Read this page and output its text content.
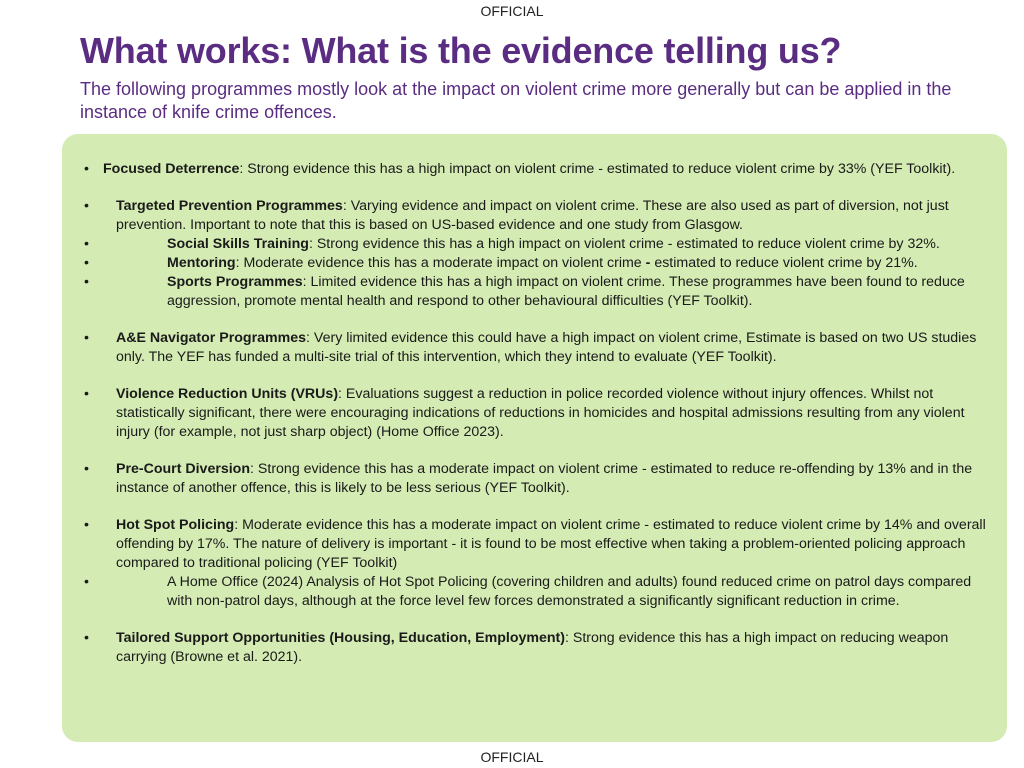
OFFICIAL
What works: What is the evidence telling us?

The following programmes mostly look at the impact on violent crime more generally but can be applied in the instance of knife crime offences.

• Focused Deterrence: Strong evidence this has a high impact on violent crime - estimated to reduce violent crime by 33% (YEF Toolkit).
• Targeted Prevention Programmes: Varying evidence and impact on violent crime. These are also used as part of diversion, not just prevention. Important to note that this is based on US-based evidence and one study from Glasgow.

•	Social Skills Training: Strong evidence this has a high impact on violent crime - estimated to reduce violent crime by 32%.

•	Mentoring: Moderate evidence this has a moderate impact on violent crime - estimated to reduce violent crime by 21%.

•	Sports Programmes: Limited evidence this has a high impact on violent crime. These programmes have been found to reduce aggression, promote mental health and respond to other behavioural difficulties (YEF Toolkit).

• A&E Navigator Programmes: Very limited evidence this could have a high impact on violent crime, Estimate is based on two US studies only. The YEF has funded a multi-site trial of this intervention, which they intend to evaluate (YEF Toolkit).
• Violence Reduction Units (VRUs): Evaluations suggest a reduction in police recorded violence without injury offences. Whilst not statistically significant, there were encouraging indications of reductions in homicides and hospital admissions resulting from any violent injury (for example, not just sharp object) (Home Office 2023).
• Pre-Court Diversion: Strong evidence this has a moderate impact on violent crime - estimated to reduce re-offending by 13% and in the instance of another offence, this is likely to be less serious (YEF Toolkit).
• Hot Spot Policing: Moderate evidence this has a moderate impact on violent crime - estimated to reduce violent crime by 14% and overall offending by 17%. The nature of delivery is important - it is found to be most effective when taking a problem-oriented policing approach compared to traditional policing (YEF Toolkit)

•	A Home Office (2024) Analysis of Hot Spot Policing (covering children and adults) found reduced crime on patrol days compared with non-patrol days, although at the force level few forces demonstrated a significantly significant reduction in crime.

• Tailored Support Opportunities (Housing, Education, Employment): Strong evidence this has a high impact on reducing weapon carrying (Browne et al. 2021).
OFFICIAL
